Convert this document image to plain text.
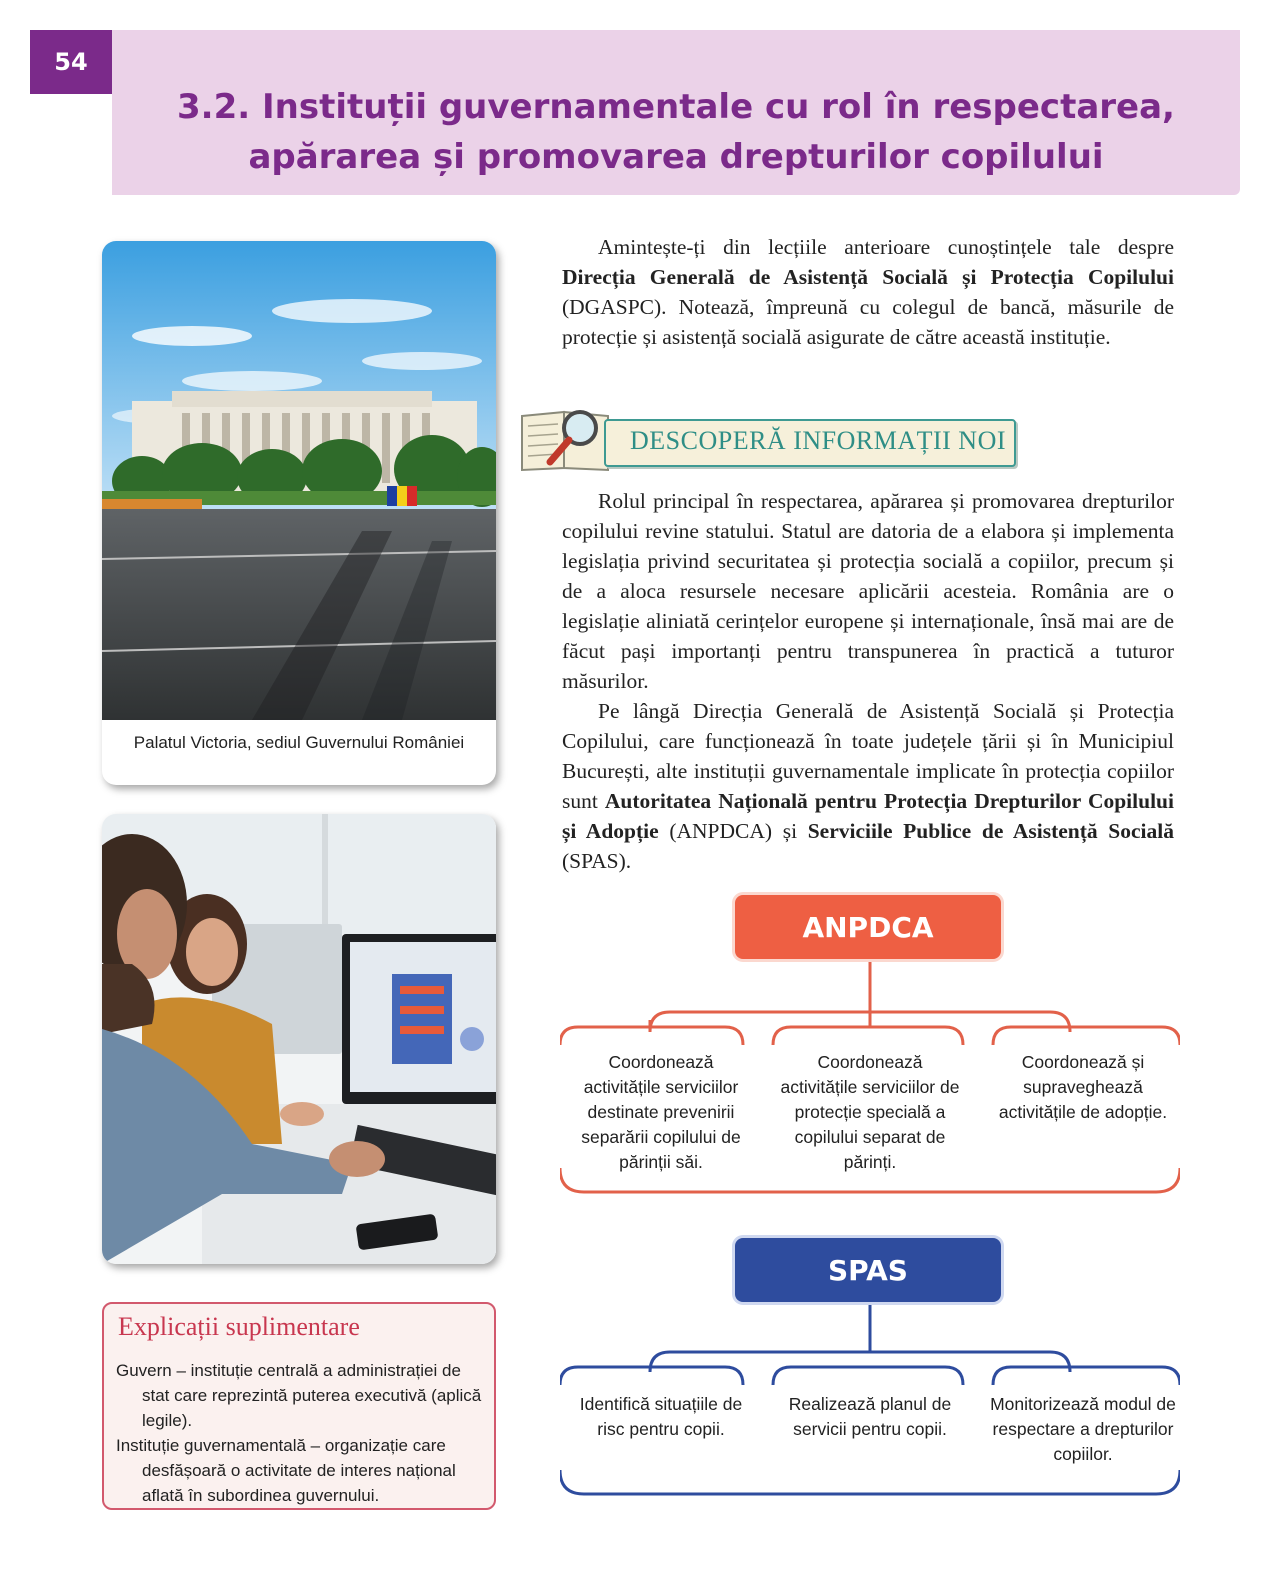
54
3.2. Instituții guvernamentale cu rol în respectarea,
apărarea și promovarea drepturilor copilului
Palatul Victoria, sediul Guvernului României

Amintește-ți din lecțiile anterioare cunoștințele tale despre Direcția Generală de Asistență Socială și Protecția Copilului (DGASPC). Notează, împreună cu colegul de bancă, măsurile de protecție și asistență socială asigurate de către această instituție.

DESCOPERĂ INFORMAȚII NOI

Rolul principal în respectarea, apărarea și promovarea drepturilor copilului revine statului. Statul are datoria de a elabora și implementa legislația privind securitatea și protecția socială a copiilor, precum și de a aloca resursele necesare aplicării acesteia. România are o legislație aliniată cerințelor europene și internaționale, însă mai are de făcut pași importanți pentru transpunerea în practică a tuturor măsurilor.

Pe lângă Direcția Generală de Asistență Socială și Protecția Copilului, care funcționează în toate județele țării și în Municipiul București, alte instituții guvernamentale implicate în protecția copiilor sunt Autoritatea Națională pentru Protecția Drepturilor Copilului și Adopție (ANPDCA) și Serviciile Publice de Asistență Socială (SPAS).

ANPDCA
Coordonează activitățile serviciilor destinate prevenirii separării copilului de părinții săi.
Coordonează activitățile serviciilor de protecție specială a copilului separat de părinți.
Coordonează și supraveghează activitățile de adopție.
SPAS
Identifică situațiile de risc pentru copii.
Realizează planul de servicii pentru copii.
Monitorizează modul de respectare a drepturilor copiilor.
Explicații suplimentare

Guvern – instituție centrală a administrației de stat care reprezintă puterea executivă (aplică legile).

Instituție guvernamentală – organizație care desfășoară o activitate de interes național aflată în subordinea guvernului.
